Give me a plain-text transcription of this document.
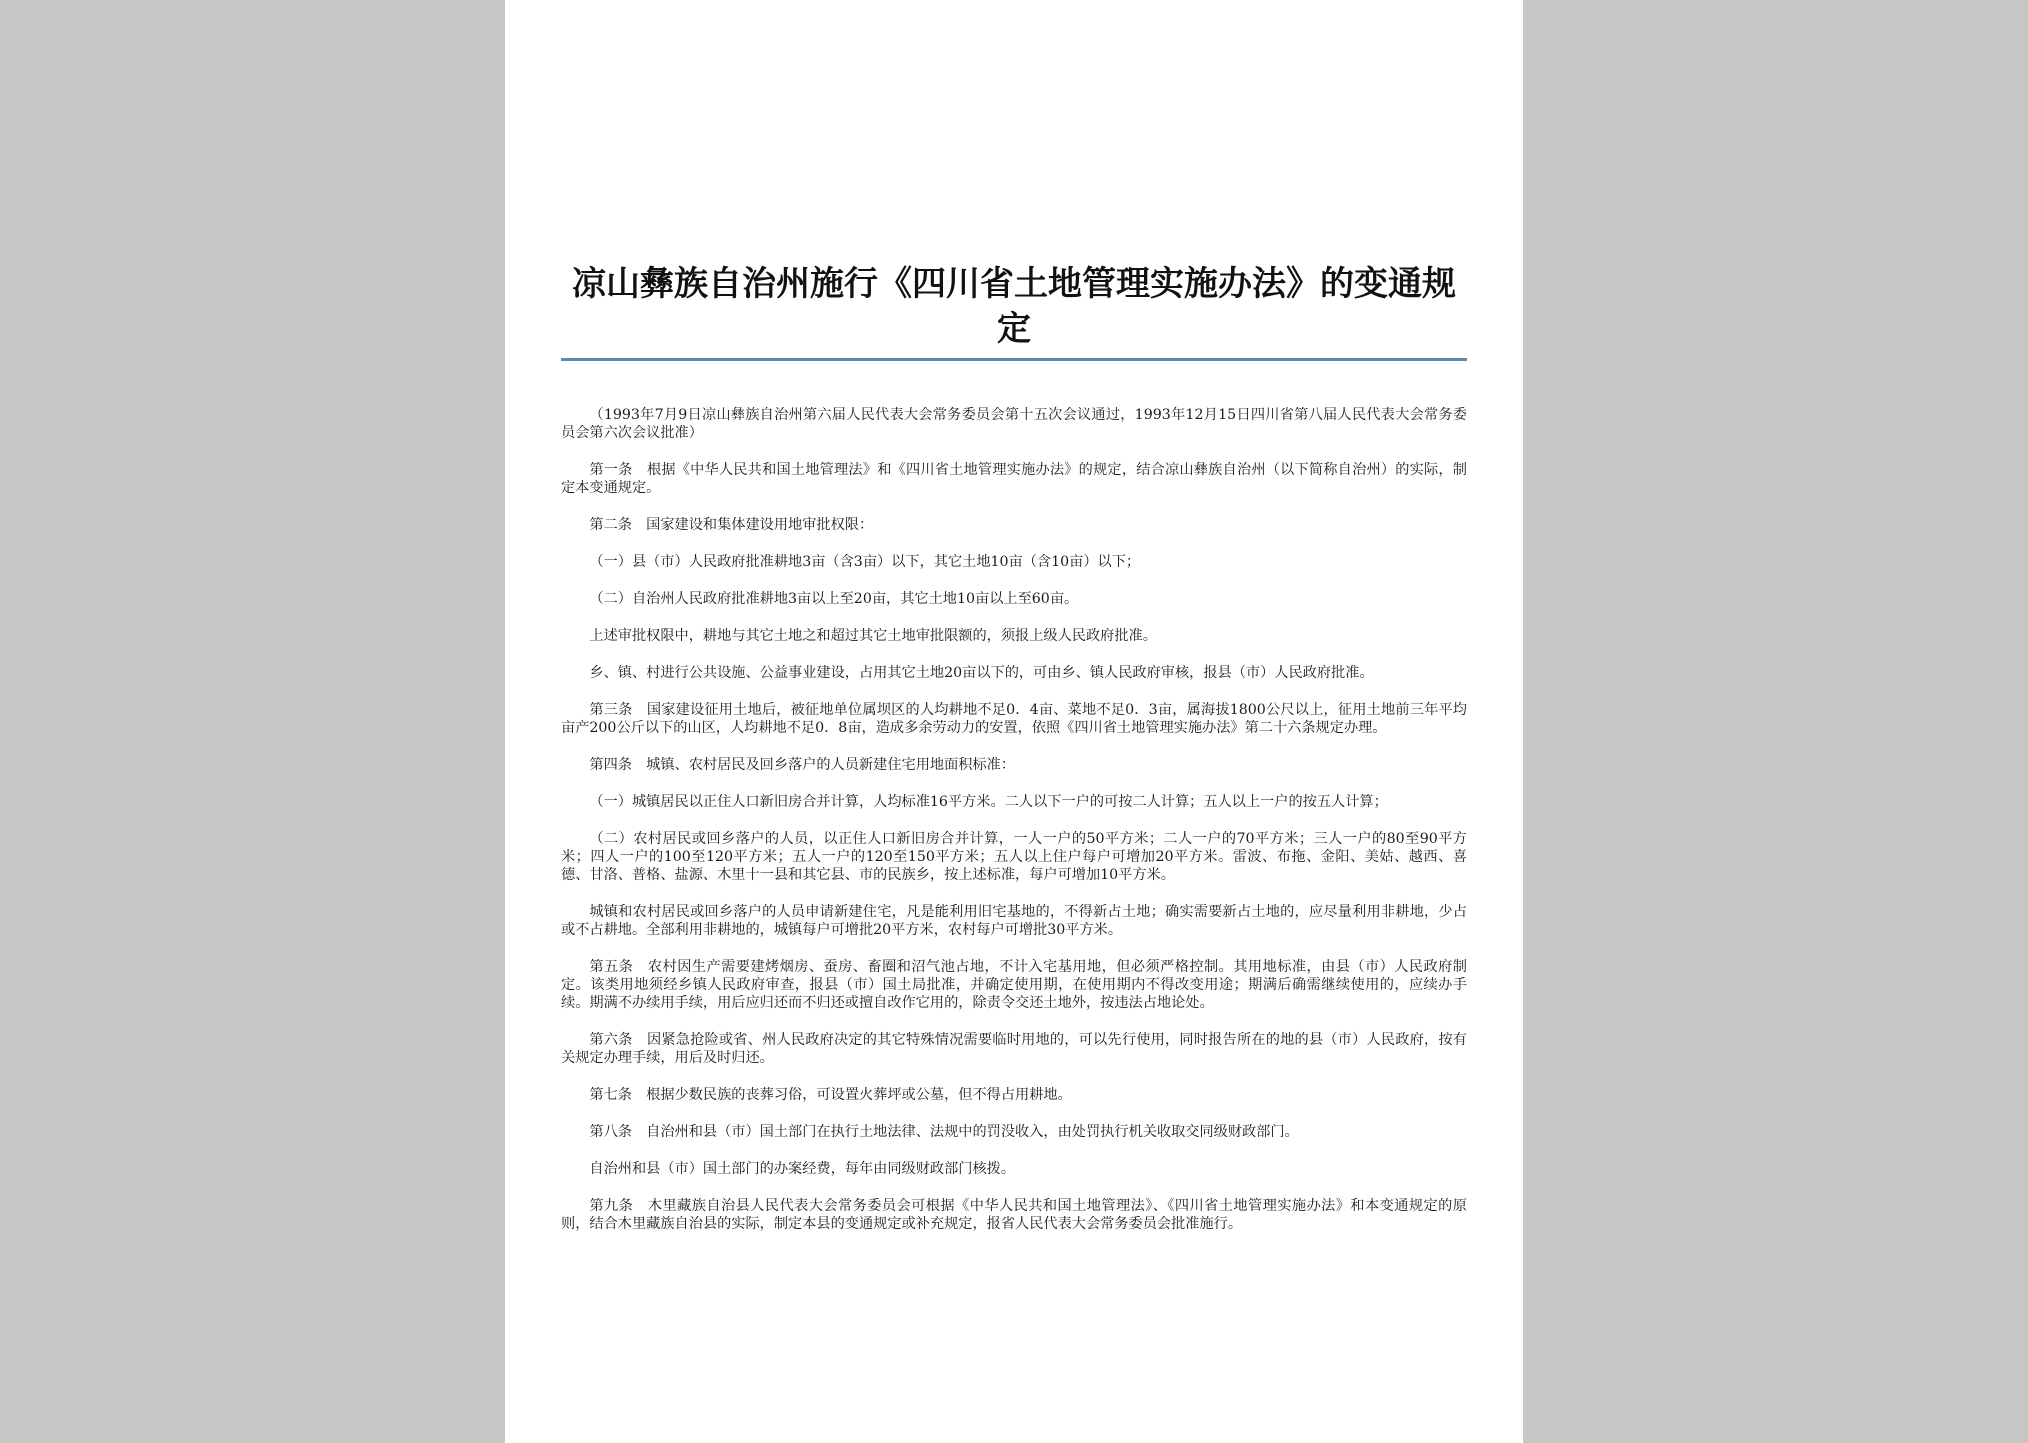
凉山彝族自治州施行《四川省土地管理实施办法》的变通规定

（1993年7月9日凉山彝族自治州第六届人民代表大会常务委员会第十五次会议通过，1993年12月15日四川省第八届人民代表大会常务委员会第六次会议批准）

第一条　根据《中华人民共和国土地管理法》和《四川省土地管理实施办法》的规定，结合凉山彝族自治州（以下简称自治州）的实际，制定本变通规定。

第二条　国家建设和集体建设用地审批权限：

（一）县（市）人民政府批准耕地3亩（含3亩）以下，其它土地10亩（含10亩）以下；

（二）自治州人民政府批准耕地3亩以上至20亩，其它土地10亩以上至60亩。

上述审批权限中，耕地与其它土地之和超过其它土地审批限额的，须报上级人民政府批准。

乡、镇、村进行公共设施、公益事业建设，占用其它土地20亩以下的，可由乡、镇人民政府审核，报县（市）人民政府批准。

第三条　国家建设征用土地后，被征地单位属坝区的人均耕地不足0．4亩、菜地不足0．3亩，属海拔1800公尺以上，征用土地前三年平均亩产200公斤以下的山区，人均耕地不足0．8亩，造成多余劳动力的安置，依照《四川省土地管理实施办法》第二十六条规定办理。

第四条　城镇、农村居民及回乡落户的人员新建住宅用地面积标准：

（一）城镇居民以正住人口新旧房合并计算，人均标准16平方米。二人以下一户的可按二人计算；五人以上一户的按五人计算；

（二）农村居民或回乡落户的人员，以正住人口新旧房合并计算，一人一户的50平方米；二人一户的70平方米；三人一户的80至90平方米；四人一户的100至120平方米；五人一户的120至150平方米；五人以上住户每户可增加20平方米。雷波、布拖、金阳、美姑、越西、喜德、甘洛、普格、盐源、木里十一县和其它县、市的民族乡，按上述标准，每户可增加10平方米。

城镇和农村居民或回乡落户的人员申请新建住宅，凡是能利用旧宅基地的，不得新占土地；确实需要新占土地的，应尽量利用非耕地，少占或不占耕地。全部利用非耕地的，城镇每户可增批20平方米，农村每户可增批30平方米。

第五条　农村因生产需要建烤烟房、蚕房、畜圈和沼气池占地，不计入宅基用地，但必须严格控制。其用地标准，由县（市）人民政府制定。该类用地须经乡镇人民政府审查，报县（市）国土局批准，并确定使用期，在使用期内不得改变用途；期满后确需继续使用的，应续办手续。期满不办续用手续，用后应归还而不归还或擅自改作它用的，除责令交还土地外，按违法占地论处。

第六条　因紧急抢险或省、州人民政府决定的其它特殊情况需要临时用地的，可以先行使用，同时报告所在的地的县（市）人民政府，按有关规定办理手续，用后及时归还。

第七条　根据少数民族的丧葬习俗，可设置火葬坪或公墓，但不得占用耕地。

第八条　自治州和县（市）国土部门在执行土地法律、法规中的罚没收入，由处罚执行机关收取交同级财政部门。

自治州和县（市）国土部门的办案经费，每年由同级财政部门核拨。

第九条　木里藏族自治县人民代表大会常务委员会可根据《中华人民共和国土地管理法》、《四川省土地管理实施办法》和本变通规定的原则，结合木里藏族自治县的实际，制定本县的变通规定或补充规定，报省人民代表大会常务委员会批准施行。
